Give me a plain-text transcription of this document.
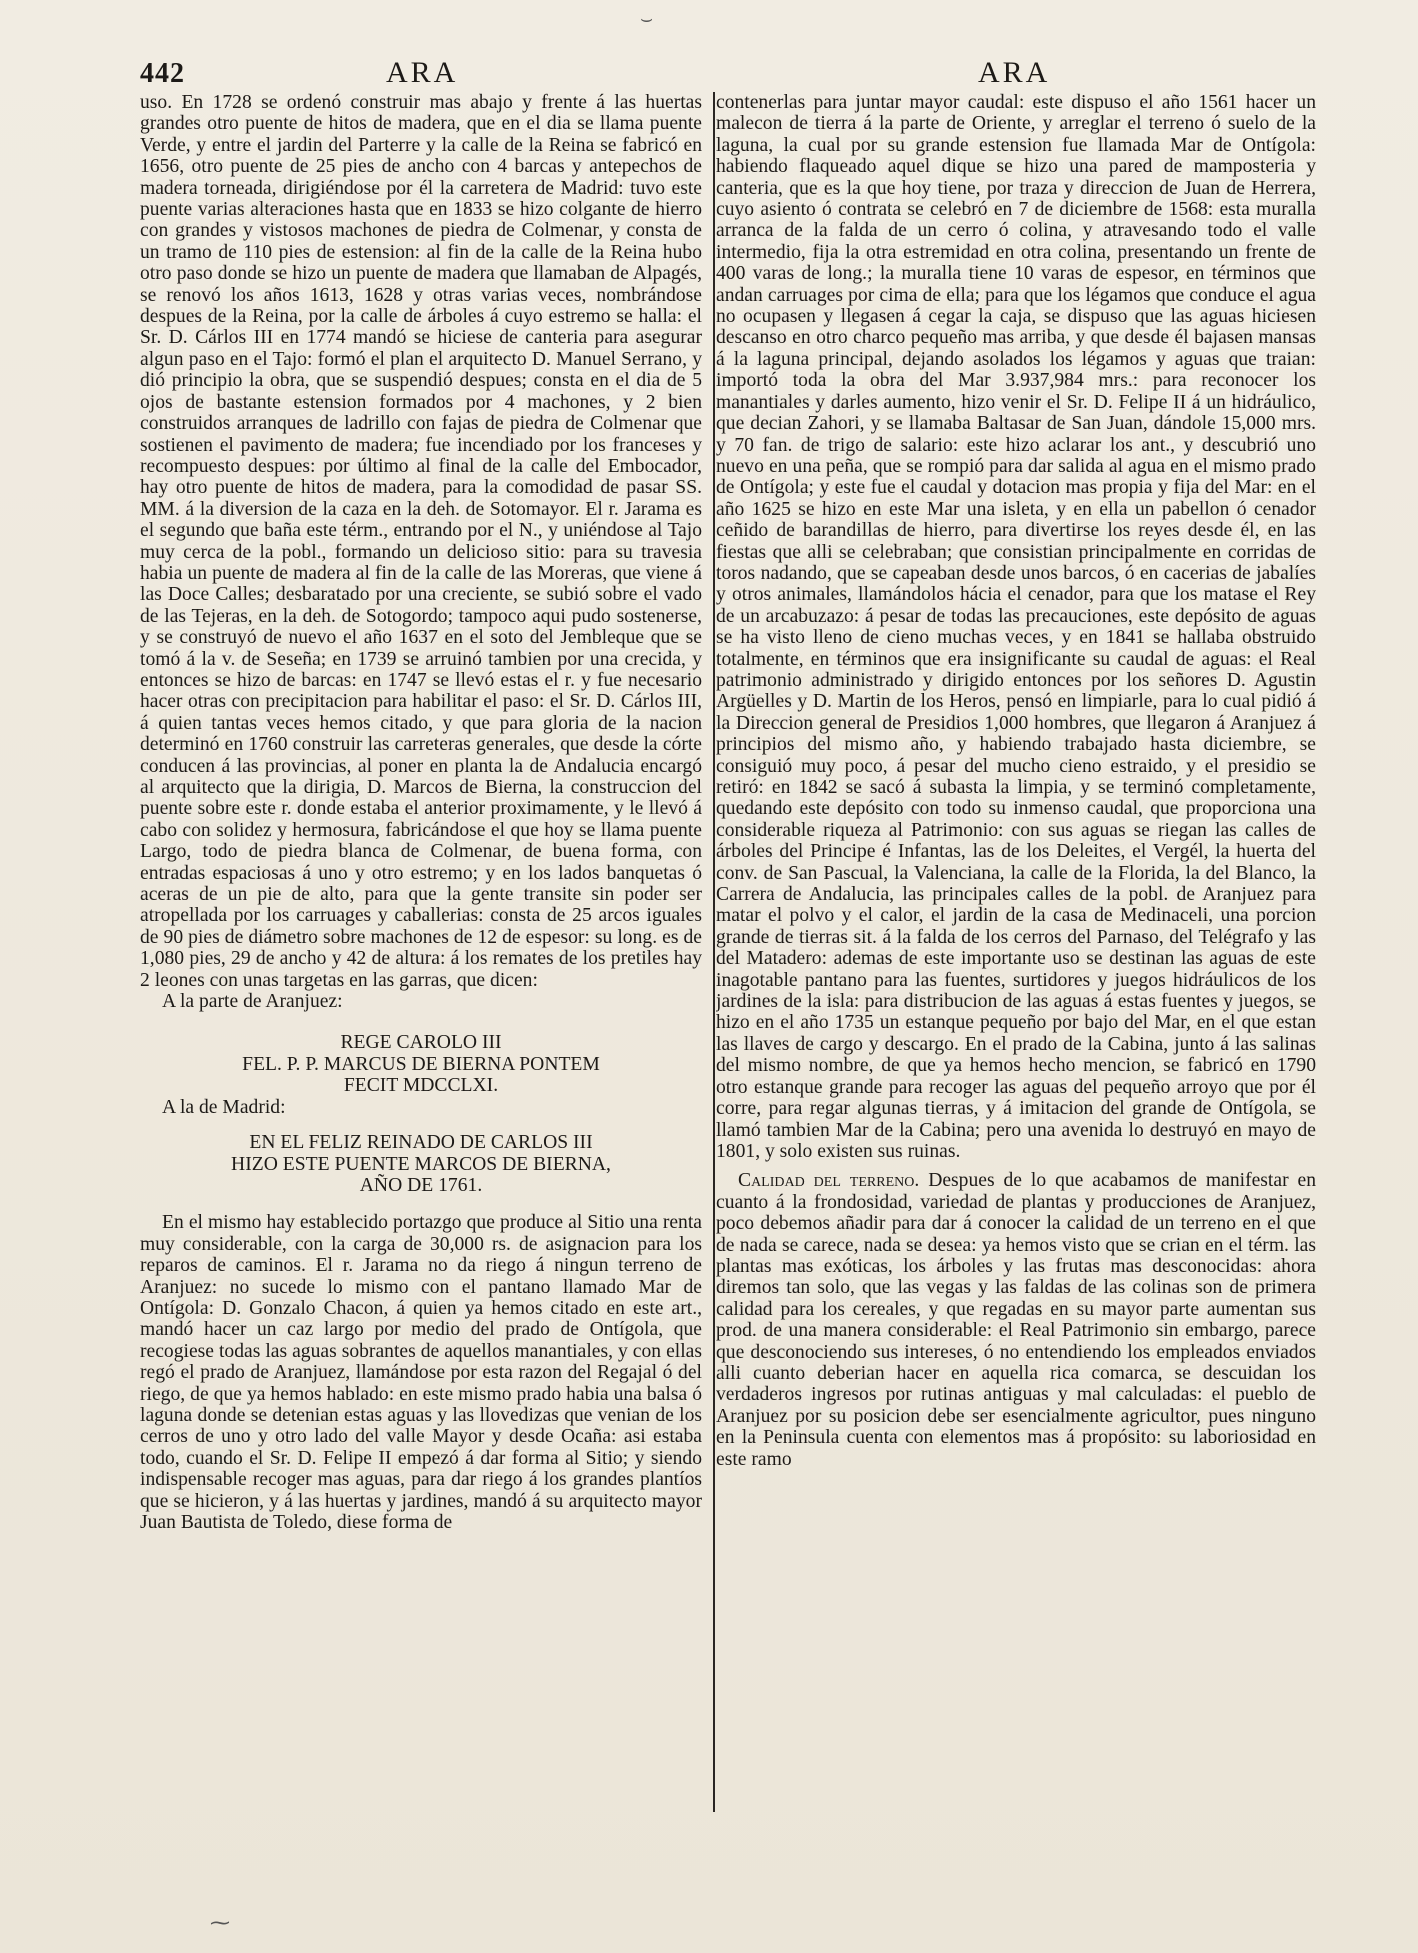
442	ARA	ARA
⌣

uso. En 1728 se ordenó construir mas abajo y frente á las huertas grandes otro puente de hitos de madera, que en el dia se llama puente Verde, y entre el jardin del Parterre y la calle de la Reina se fabricó en 1656, otro puente de 25 pies de ancho con 4 barcas y antepechos de madera torneada, dirigiéndose por él la carretera de Madrid: tuvo este puente varias alteraciones hasta que en 1833 se hizo colgante de hierro con grandes y vistosos machones de piedra de Colmenar, y consta de un tramo de 110 pies de estension: al fin de la calle de la Reina hubo otro paso donde se hizo un puente de madera que llamaban de Alpagés, se renovó los años 1613, 1628 y otras varias veces, nombrándose despues de la Reina, por la calle de árboles á cuyo estremo se halla: el Sr. D. Cárlos III en 1774 mandó se hiciese de canteria para asegurar algun paso en el Tajo: formó el plan el arquitecto D. Manuel Serrano, y dió principio la obra, que se suspendió despues; consta en el dia de 5 ojos de bastante estension formados por 4 machones, y 2 bien construidos arranques de ladrillo con fajas de piedra de Colmenar que sostienen el pavimento de madera; fue incendiado por los franceses y recompuesto despues: por último al final de la calle del Embocador, hay otro puente de hitos de madera, para la comodidad de pasar SS. MM. á la diversion de la caza en la deh. de Sotomayor. El r. Jarama es el segundo que baña este térm., entrando por el N., y uniéndose al Tajo muy cerca de la pobl., formando un delicioso sitio: para su travesia habia un puente de madera al fin de la calle de las Moreras, que viene á las Doce Calles; desbaratado por una creciente, se subió sobre el vado de las Tejeras, en la deh. de Sotogordo; tampoco aqui pudo sostenerse, y se construyó de nuevo el año 1637 en el soto del Jembleque que se tomó á la v. de Seseña; en 1739 se arruinó tambien por una crecida, y entonces se hizo de barcas: en 1747 se llevó estas el r. y fue necesario hacer otras con precipitacion para habilitar el paso: el Sr. D. Cárlos III, á quien tantas veces hemos citado, y que para gloria de la nacion determinó en 1760 construir las carreteras generales, que desde la córte conducen á las provincias, al poner en planta la de Andalucia encargó al arquitecto que la dirigia, D. Marcos de Bierna, la construccion del puente sobre este r. donde estaba el anterior proximamente, y le llevó á cabo con solidez y hermosura, fabricándose el que hoy se llama puente Largo, todo de piedra blanca de Colmenar, de buena forma, con entradas espaciosas á uno y otro estremo; y en los lados banquetas ó aceras de un pie de alto, para que la gente transite sin poder ser atropellada por los carruages y caballerias: consta de 25 arcos iguales de 90 pies de diámetro sobre machones de 12 de espesor: su long. es de 1,080 pies, 29 de ancho y 42 de altura: á los remates de los pretiles hay 2 leones con unas targetas en las garras, que dicen:

A la parte de Aranjuez:

REGE CAROLO III
FEL. P. P. MARCUS DE BIERNA PONTEM
FECIT MDCCLXI.

A la de Madrid:

EN EL FELIZ REINADO DE CARLOS III
HIZO ESTE PUENTE MARCOS DE BIERNA,
AÑO DE 1761.

En el mismo hay establecido portazgo que produce al Sitio una renta muy considerable, con la carga de 30,000 rs. de asignacion para los reparos de caminos. El r. Jarama no da riego á ningun terreno de Aranjuez: no sucede lo mismo con el pantano llamado Mar de Ontígola: D. Gonzalo Chacon, á quien ya hemos citado en este art., mandó hacer un caz largo por medio del prado de Ontígola, que recogiese todas las aguas sobrantes de aquellos manantiales, y con ellas regó el prado de Aranjuez, llamándose por esta razon del Regajal ó del riego, de que ya hemos hablado: en este mismo prado habia una balsa ó laguna donde se detenian estas aguas y las llovedizas que venian de los cerros de uno y otro lado del valle Mayor y desde Ocaña: asi estaba todo, cuando el Sr. D. Felipe II empezó á dar forma al Sitio; y siendo indispensable recoger mas aguas, para dar riego á los grandes plantíos que se hicieron, y á las huertas y jardines, mandó á su arquitecto mayor Juan Bautista de Toledo, diese forma de

contenerlas para juntar mayor caudal: este dispuso el año 1561 hacer un malecon de tierra á la parte de Oriente, y arreglar el terreno ó suelo de la laguna, la cual por su grande estension fue llamada Mar de Ontígola: habiendo flaqueado aquel dique se hizo una pared de mamposteria y canteria, que es la que hoy tiene, por traza y direccion de Juan de Herrera, cuyo asiento ó contrata se celebró en 7 de diciembre de 1568: esta muralla arranca de la falda de un cerro ó colina, y atravesando todo el valle intermedio, fija la otra estremidad en otra colina, presentando un frente de 400 varas de long.; la muralla tiene 10 varas de espesor, en términos que andan carruages por cima de ella; para que los légamos que conduce el agua no ocupasen y llegasen á cegar la caja, se dispuso que las aguas hiciesen descanso en otro charco pequeño mas arriba, y que desde él bajasen mansas á la laguna principal, dejando asolados los légamos y aguas que traian: importó toda la obra del Mar 3.937,984 mrs.: para reconocer los manantiales y darles aumento, hizo venir el Sr. D. Felipe II á un hidráulico, que decian Zahori, y se llamaba Baltasar de San Juan, dándole 15,000 mrs. y 70 fan. de trigo de salario: este hizo aclarar los ant., y descubrió uno nuevo en una peña, que se rompió para dar salida al agua en el mismo prado de Ontígola; y este fue el caudal y dotacion mas propia y fija del Mar: en el año 1625 se hizo en este Mar una isleta, y en ella un pabellon ó cenador ceñido de barandillas de hierro, para divertirse los reyes desde él, en las fiestas que alli se celebraban; que consistian principalmente en corridas de toros nadando, que se capeaban desde unos barcos, ó en cacerias de jabalíes y otros animales, llamándolos hácia el cenador, para que los matase el Rey de un arcabuzazo: á pesar de todas las precauciones, este depósito de aguas se ha visto lleno de cieno muchas veces, y en 1841 se hallaba obstruido totalmente, en términos que era insignificante su caudal de aguas: el Real patrimonio administrado y dirigido entonces por los señores D. Agustin Argüelles y D. Martin de los Heros, pensó en limpiarle, para lo cual pidió á la Direccion general de Presidios 1,000 hombres, que llegaron á Aranjuez á principios del mismo año, y habiendo trabajado hasta diciembre, se consiguió muy poco, á pesar del mucho cieno estraido, y el presidio se retiró: en 1842 se sacó á subasta la limpia, y se terminó completamente, quedando este depósito con todo su inmenso caudal, que proporciona una considerable riqueza al Patrimonio: con sus aguas se riegan las calles de árboles del Principe é Infantas, las de los Deleites, el Vergél, la huerta del conv. de San Pascual, la Valenciana, la calle de la Florida, la del Blanco, la Carrera de Andalucia, las principales calles de la pobl. de Aranjuez para matar el polvo y el calor, el jardin de la casa de Medinaceli, una porcion grande de tierras sit. á la falda de los cerros del Parnaso, del Telégrafo y las del Matadero: ademas de este importante uso se destinan las aguas de este inagotable pantano para las fuentes, surtidores y juegos hidráulicos de los jardines de la isla: para distribucion de las aguas á estas fuentes y juegos, se hizo en el año 1735 un estanque pequeño por bajo del Mar, en el que estan las llaves de cargo y descargo. En el prado de la Cabina, junto á las salinas del mismo nombre, de que ya hemos hecho mencion, se fabricó en 1790 otro estanque grande para recoger las aguas del pequeño arroyo que por él corre, para regar algunas tierras, y á imitacion del grande de Ontígola, se llamó tambien Mar de la Cabina; pero una avenida lo destruyó en mayo de 1801, y solo existen sus ruinas.

Calidad del terreno. Despues de lo que acabamos de manifestar en cuanto á la frondosidad, variedad de plantas y producciones de Aranjuez, poco debemos añadir para dar á conocer la calidad de un terreno en el que de nada se carece, nada se desea: ya hemos visto que se crian en el térm. las plantas mas exóticas, los árboles y las frutas mas desconocidas: ahora diremos tan solo, que las vegas y las faldas de las colinas son de primera calidad para los cereales, y que regadas en su mayor parte aumentan sus prod. de una manera considerable: el Real Patrimonio sin embargo, parece que desconociendo sus intereses, ó no entendiendo los empleados enviados alli cuanto deberian hacer en aquella rica comarca, se descuidan los verdaderos ingresos por rutinas antiguas y mal calculadas: el pueblo de Aranjuez por su posicion debe ser esencialmente agricultor, pues ninguno en la Peninsula cuenta con elementos mas á propósito: su laboriosidad en este ramo

⁓
